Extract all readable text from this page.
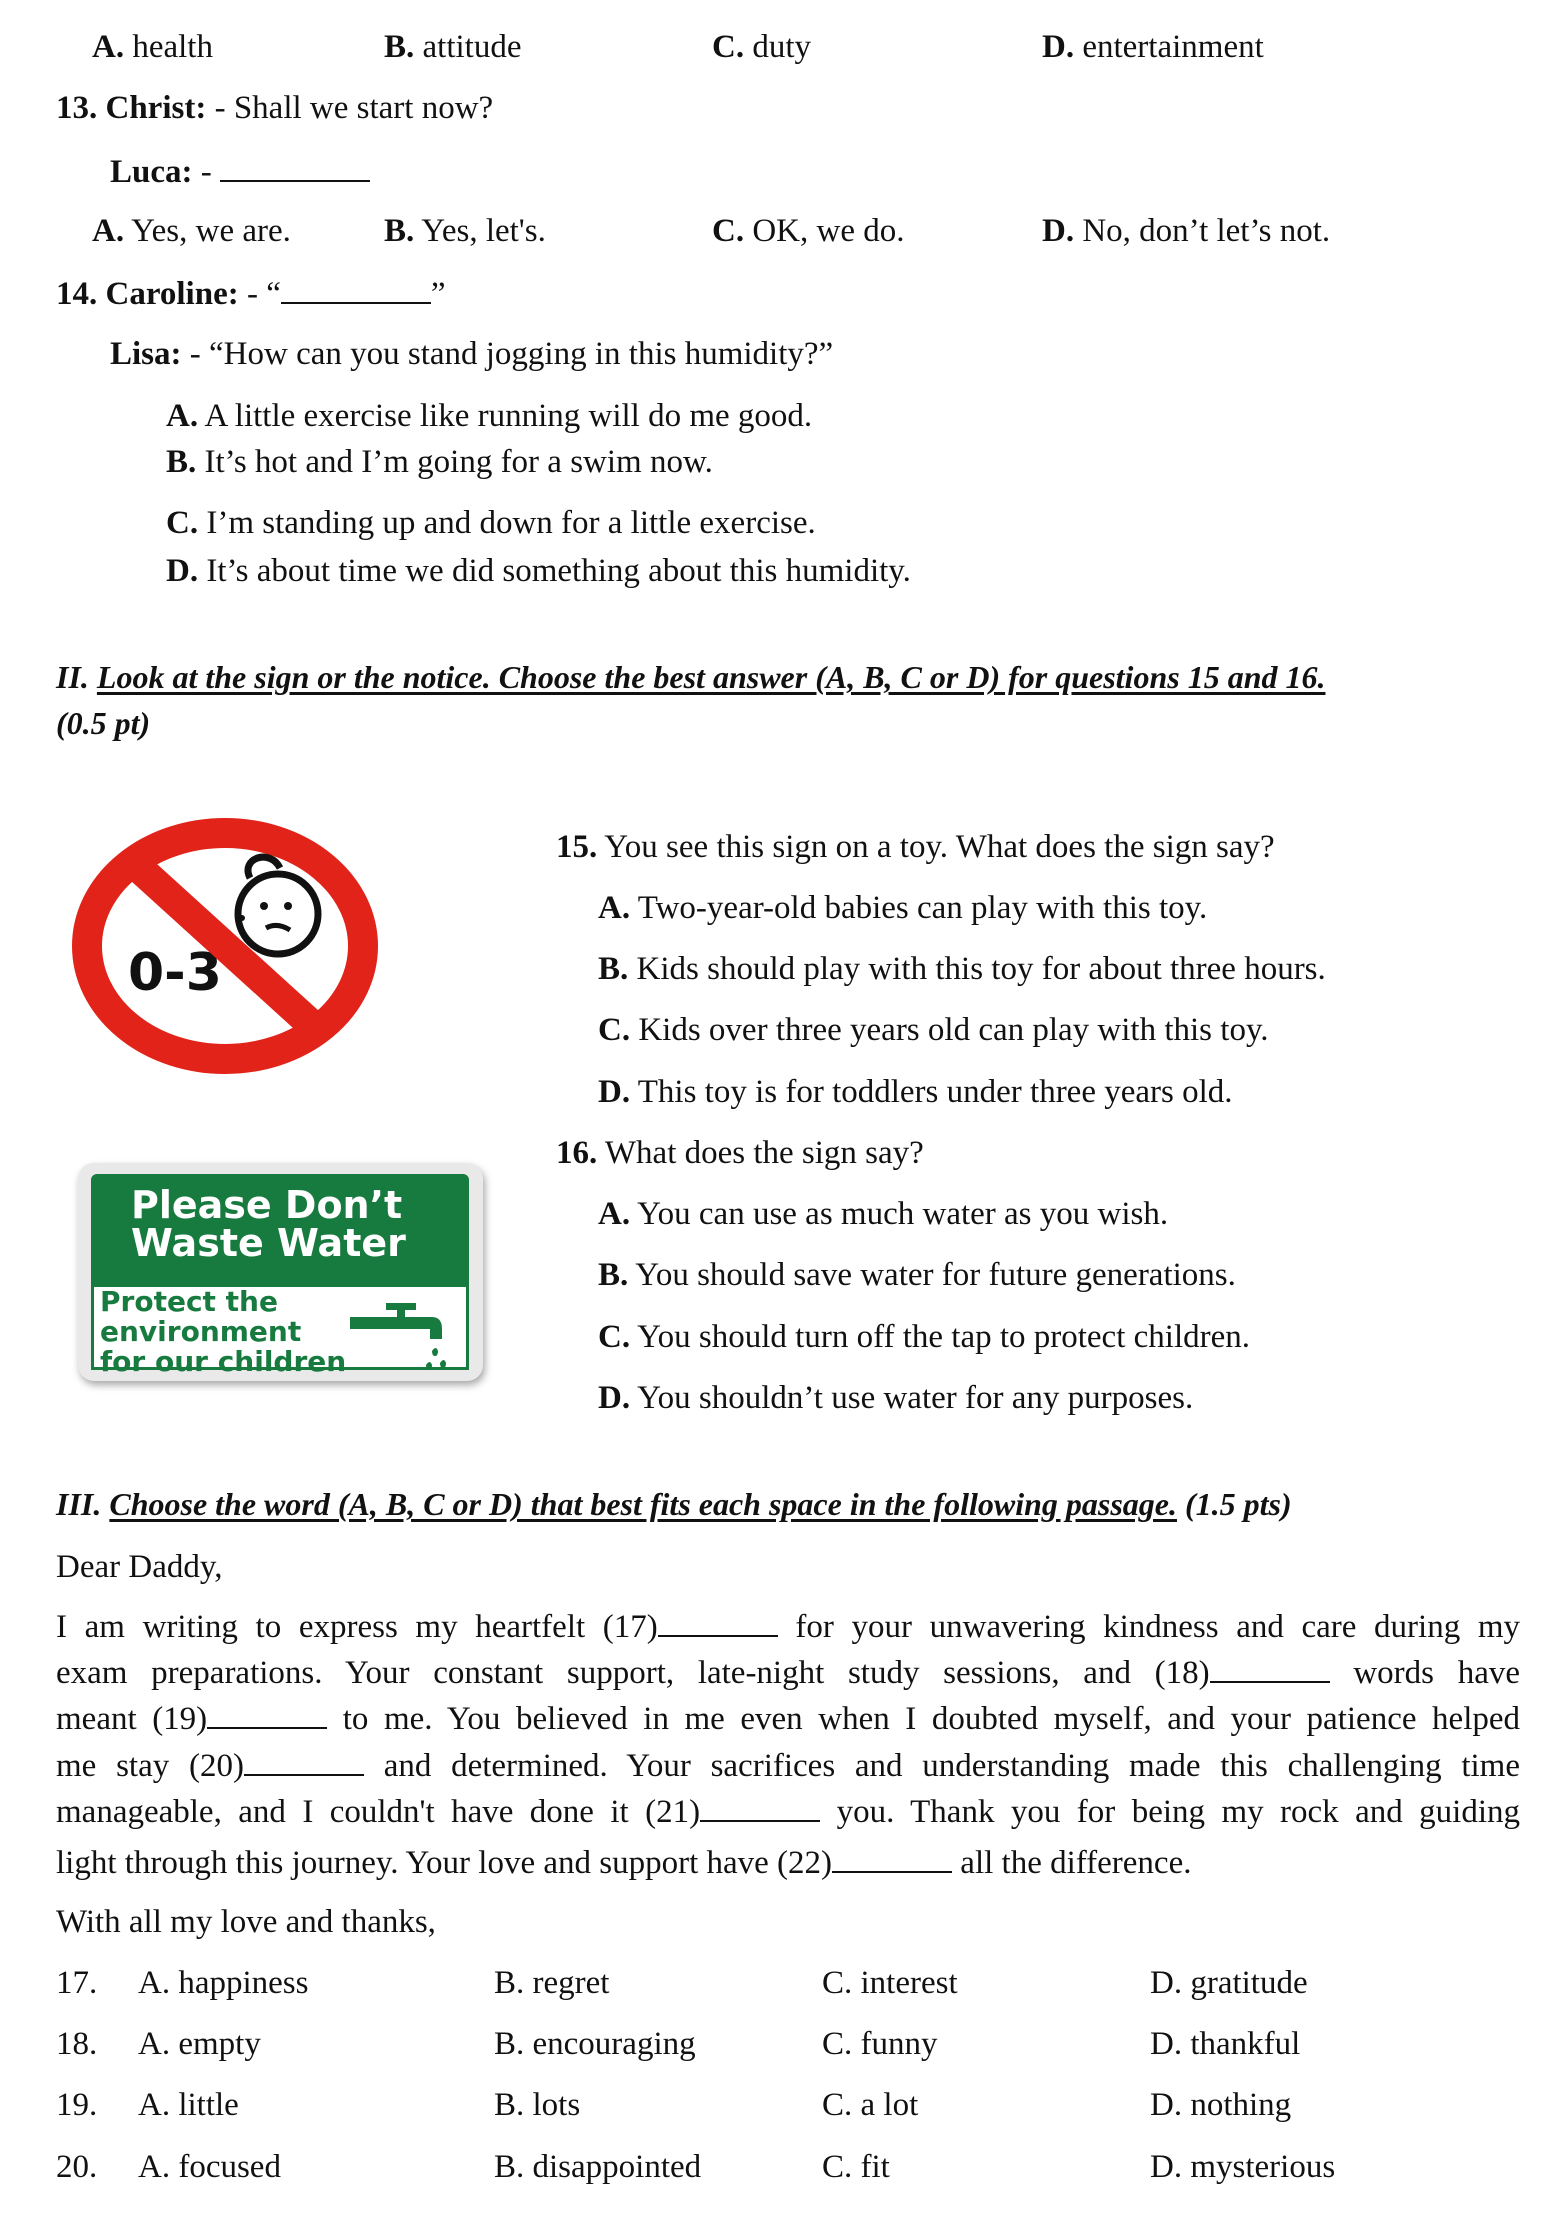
A. health	B. attitude	C. duty	D. entertainment
13. Christ: - Shall we start now?
Luca: -
A. Yes, we are.	B. Yes, let's.	C. OK, we do.	D. No, don’t let’s not.
14. Caroline: - “	”
Lisa: - “How can you stand jogging in this humidity?”
A. A little exercise like running will do me good.
B. It’s hot and I’m going for a swim now.
C. I’m standing up and down for a little exercise.
D. It’s about time we did something about this humidity.
II. Look at the sign or the notice. Choose the best answer (A, B, C or D) for questions 15 and 16.
(0.5 pt)
0-3
15. You see this sign on a toy. What does the sign say?
A. Two-year-old babies can play with this toy.
B. Kids should play with this toy for about three hours.
C. Kids over three years old can play with this toy.
D. This toy is for toddlers under three years old.
Please Don’t
Waste Water
Protect the
environment
for our children
16. What does the sign say?
A. You can use as much water as you wish.
B. You should save water for future generations.
C. You should turn off the tap to protect children.
D. You shouldn’t use water for any purposes.
III. Choose the word (A, B, C or D) that best fits each space in the following passage. (1.5 pts)
Dear Daddy,
I am writing to express my heartfelt (17)	for your unwavering kindness and care during my
exam preparations. Your constant support, late-night study sessions, and (18)	words have
meant (19)	to me. You believed in me even when I doubted myself, and your patience helped
me stay (20)	and determined. Your sacrifices and understanding made this challenging time
manageable, and I couldn't have done it (21)	you. Thank you for being my rock and guiding
light through this journey. Your love and support have (22)	all the difference.
With all my love and thanks,
17. A. happiness	B. regret	C. interest	D. gratitude
18. A. empty	B. encouraging	C. funny	D. thankful
19. A. little	B. lots	C. a lot	D. nothing
20. A. focused	B. disappointed	C. fit	D. mysterious
